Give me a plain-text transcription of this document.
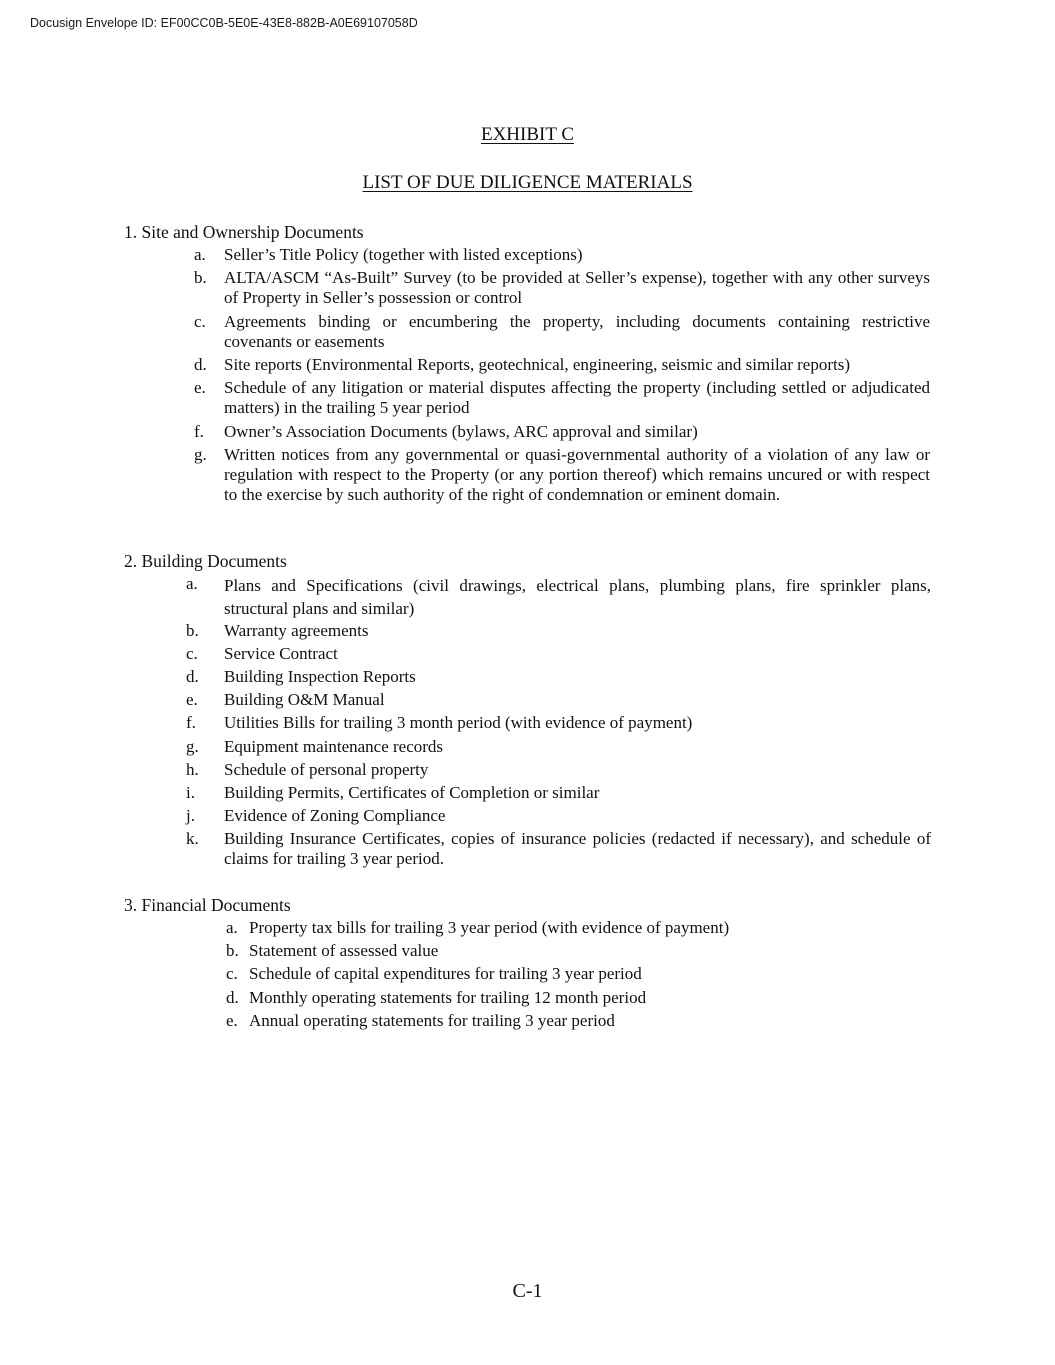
Docusign Envelope ID: EF00CC0B-5E0E-43E8-882B-A0E69107058D
EXHIBIT C
LIST OF DUE DILIGENCE MATERIALS
1. Site and Ownership Documents
a. Seller’s Title Policy (together with listed exceptions)
b. ALTA/ASCM “As-Built” Survey (to be provided at Seller’s expense), together with any other surveys of Property in Seller’s possession or control
c. Agreements binding or encumbering the property, including documents containing restrictive covenants or easements
d. Site reports (Environmental Reports, geotechnical, engineering, seismic and similar reports)
e. Schedule of any litigation or material disputes affecting the property (including settled or adjudicated matters) in the trailing 5 year period
f. Owner’s Association Documents (bylaws, ARC approval and similar)
g. Written notices from any governmental or quasi-governmental authority of a violation of any law or regulation with respect to the Property (or any portion thereof) which remains uncured or with respect to the exercise by such authority of the right of condemnation or eminent domain.
2. Building Documents
a. Plans and Specifications (civil drawings, electrical plans, plumbing plans, fire sprinkler plans, structural plans and similar)
b. Warranty agreements
c. Service Contract
d. Building Inspection Reports
e. Building O&M Manual
f. Utilities Bills for trailing 3 month period (with evidence of payment)
g. Equipment maintenance records
h. Schedule of personal property
i. Building Permits, Certificates of Completion or similar
j. Evidence of Zoning Compliance
k. Building Insurance Certificates, copies of insurance policies (redacted if necessary), and schedule of claims for trailing 3 year period.
3. Financial Documents
a. Property tax bills for trailing 3 year period (with evidence of payment)
b. Statement of assessed value
c. Schedule of capital expenditures for trailing 3 year period
d. Monthly operating statements for trailing 12 month period
e. Annual operating statements for trailing 3 year period
C-1
